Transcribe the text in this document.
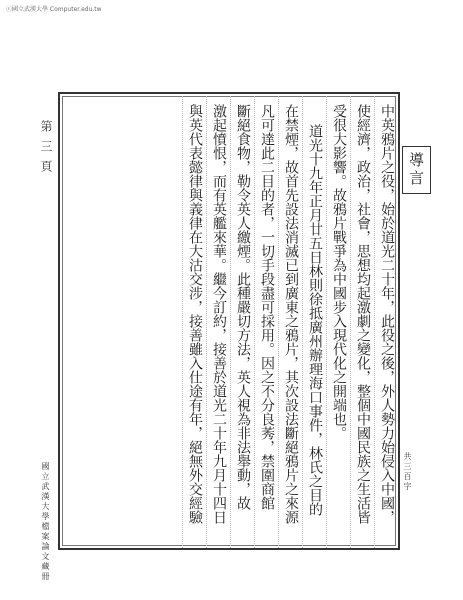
ⓒ國立武漢大學 Computer.edu.tw
第三頁
國立武漢大學檔案論文藏冊	共三百字
導言
中英鴉片之役，始於道光二十年，此役之後，外人勢力始侵入中國，
使經濟，政治，社會，思想均起激劇之變化，整個中國民族之生活皆
受很大影響。故鴉片戰爭為中國步入現代化之開端也。
道光十九年正月廿五日林則徐抵廣州辦理海口事件，林氏之目的
在禁煙，故首先設法消滅已到廣東之鴉片，其次設法斷絕鴉片之來源
凡可達此二目的者，一切手段盡可採用。因之不分良莠，禁圍商館
斷絕食物，勒令英人繳煙。此種嚴切方法，英人視為非法舉動，故
激起憤恨，而有英艦來華。繼今訂約，接善於道光二十年九月十四日
與英代表懿律與義律在大沽交涉，接善雖入仕途有年，絕無外交經驗
